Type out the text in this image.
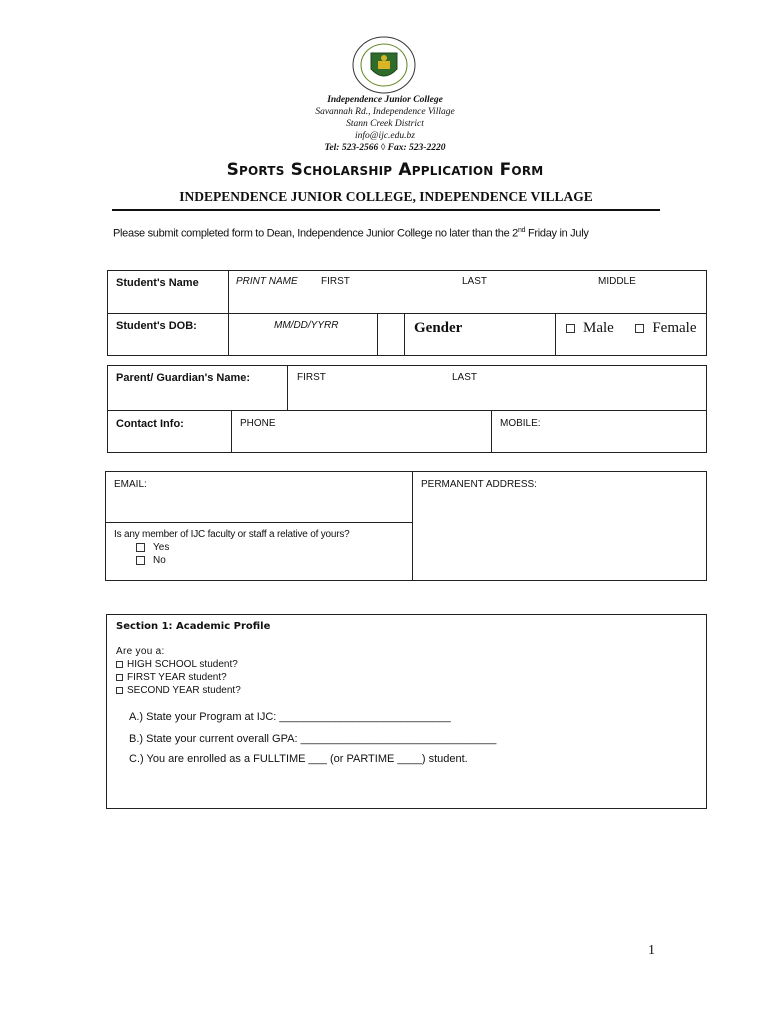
Independence Junior College
Savannah Rd., Independence Village
Stann Creek District
info@ijc.edu.bz
Tel: 523-2566 ◊ Fax: 523-2220
Sports Scholarship Application Form
INDEPENDENCE JUNIOR COLLEGE, INDEPENDENCE VILLAGE
Please submit completed form to Dean, Independence Junior College no later than the 2nd Friday in July
Student's Name	PRINT NAME FIRST	LAST	MIDDLE
Student's DOB:	MM/DD/YYRR	Gender	Male	Female
Parent/ Guardian's Name:	FIRST	LAST
Contact Info:	PHONE	MOBILE:
EMAIL:	PERMANENT ADDRESS:
Is any member of IJC faculty or staff a relative of yours?
Yes
No
Section 1: Academic Profile
Are you a:
HIGH SCHOOL student?
FIRST YEAR student?
SECOND YEAR student?
A.) State your Program at IJC: ____________________________
B.) State your current overall GPA: ________________________________
C.) You are enrolled as a FULLTIME ___ (or PARTIME ____) student.
1
